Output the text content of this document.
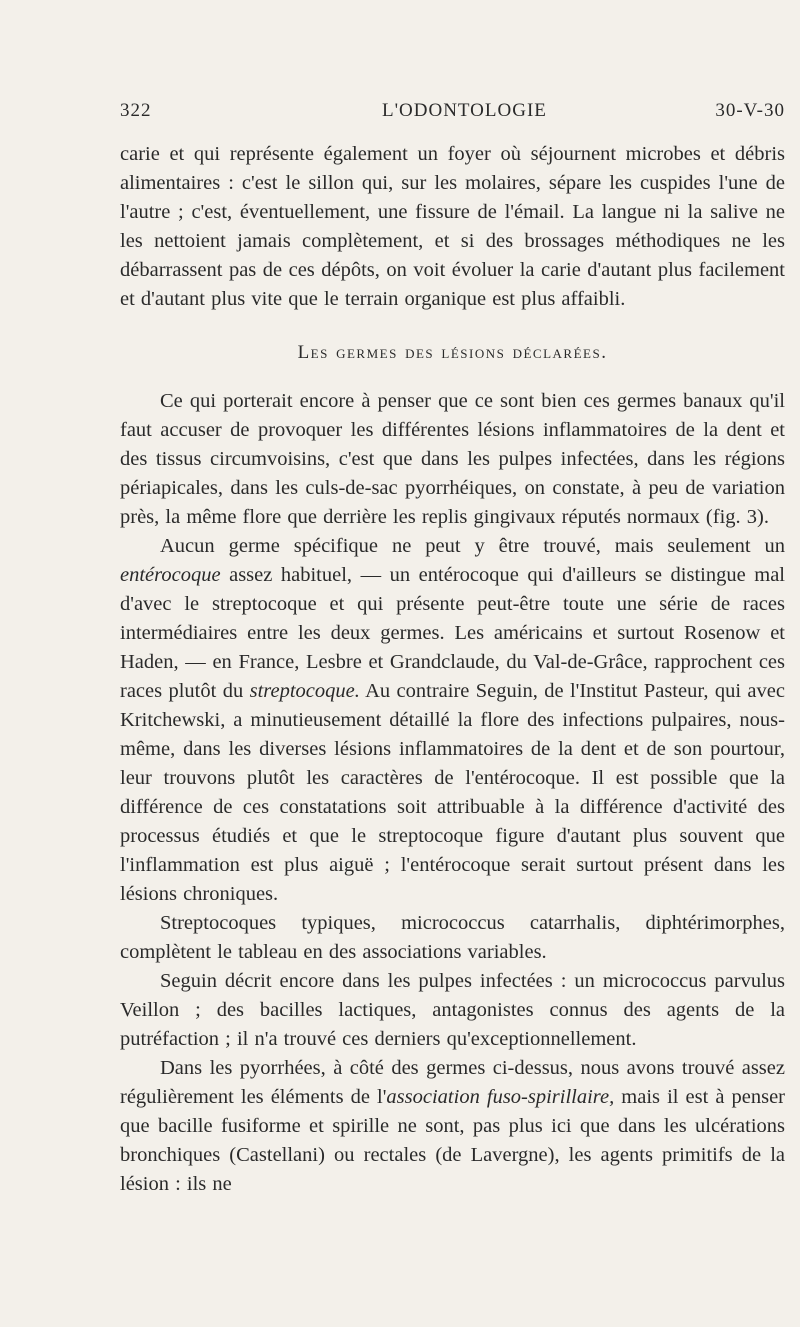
322	L'ODONTOLOGIE	30-V-30

carie et qui représente également un foyer où séjournent microbes et débris alimentaires : c'est le sillon qui, sur les molaires, sépare les cuspides l'une de l'autre ; c'est, éventuellement, une fissure de l'émail. La langue ni la salive ne les nettoient jamais complètement, et si des brossages méthodiques ne les débarrassent pas de ces dépôts, on voit évoluer la carie d'autant plus facilement et d'autant plus vite que le terrain organique est plus affaibli.

Les germes des lésions déclarées.

Ce qui porterait encore à penser que ce sont bien ces germes banaux qu'il faut accuser de provoquer les différentes lésions inflammatoires de la dent et des tissus circumvoisins, c'est que dans les pulpes infectées, dans les régions périapicales, dans les culs-de-sac pyorrhéiques, on constate, à peu de variation près, la même flore que derrière les replis gingivaux réputés normaux (fig. 3).

Aucun germe spécifique ne peut y être trouvé, mais seulement un entérocoque assez habituel, — un entérocoque qui d'ailleurs se distingue mal d'avec le streptocoque et qui présente peut-être toute une série de races intermédiaires entre les deux germes. Les américains et surtout Rosenow et Haden, — en France, Lesbre et Grandclaude, du Val-de-Grâce, rapprochent ces races plutôt du streptocoque. Au contraire Seguin, de l'Institut Pasteur, qui avec Kritchewski, a minutieusement détaillé la flore des infections pulpaires, nous-même, dans les diverses lésions inflammatoires de la dent et de son pourtour, leur trouvons plutôt les caractères de l'entérocoque. Il est possible que la différence de ces constatations soit attribuable à la différence d'activité des processus étudiés et que le streptocoque figure d'autant plus souvent que l'inflammation est plus aiguë ; l'entérocoque serait surtout présent dans les lésions chroniques.

Streptocoques typiques, micrococcus catarrhalis, diphtérimorphes, complètent le tableau en des associations variables.

Seguin décrit encore dans les pulpes infectées : un micrococcus parvulus Veillon ; des bacilles lactiques, antagonistes connus des agents de la putréfaction ; il n'a trouvé ces derniers qu'exceptionnellement.

Dans les pyorrhées, à côté des germes ci-dessus, nous avons trouvé assez régulièrement les éléments de l'association fuso-spirillaire, mais il est à penser que bacille fusiforme et spirille ne sont, pas plus ici que dans les ulcérations bronchiques (Castellani) ou rectales (de Lavergne), les agents primitifs de la lésion : ils ne
